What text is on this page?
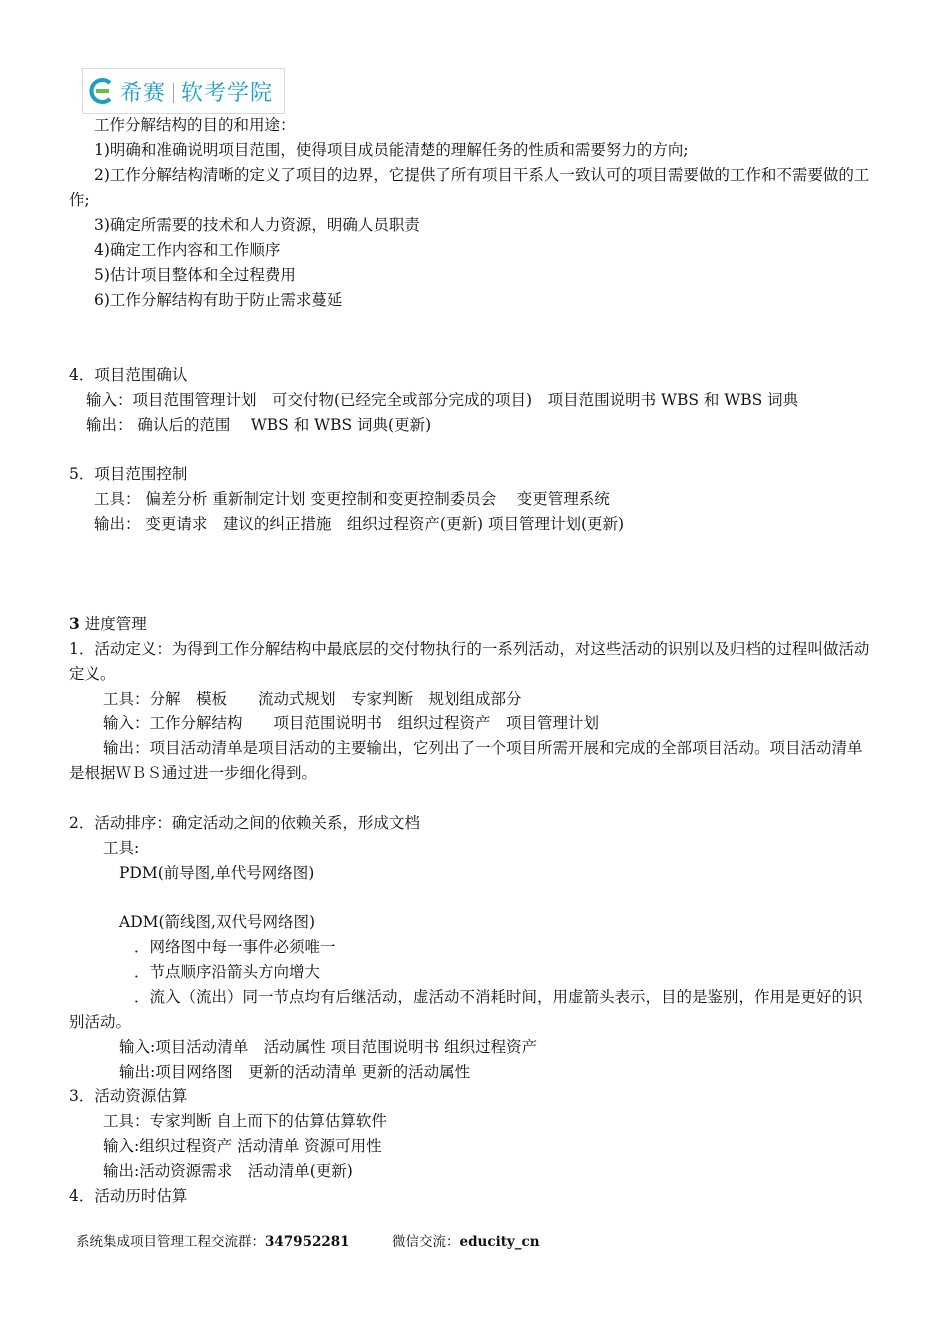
希赛 软考学院
工作分解结构的目的和用途：
1)明确和准确说明项目范围，使得项目成员能清楚的理解任务的性质和需要努力的方向;
2)工作分解结构清晰的定义了项目的边界，它提供了所有项目干系人一致认可的项目需要做的工作和不需要做的工
作;
3)确定所需要的技术和人力资源，明确人员职责
4)确定工作内容和工作顺序
5)估计项目整体和全过程费用
6)工作分解结构有助于防止需求蔓延
4．项目范围确认
输入：项目范围管理计划　可交付物(已经完全或部分完成的项目)　项目范围说明书 WBS 和 WBS 词典
输出： 确认后的范围　 WBS 和 WBS 词典(更新)
5．项目范围控制
工具： 偏差分析 重新制定计划 变更控制和变更控制委员会　 变更管理系统
输出： 变更请求　建议的纠正措施　组织过程资产(更新) 项目管理计划(更新)
3 进度管理
1．活动定义：为得到工作分解结构中最底层的交付物执行的一系列活动，对这些活动的识别以及归档的过程叫做活动
定义。
工具：分解　模板　　流动式规划　专家判断　规划组成部分
输入：工作分解结构　　项目范围说明书　组织过程资产　项目管理计划
输出：项目活动清单是项目活动的主要输出，它列出了一个项目所需开展和完成的全部项目活动。项目活动清单
是根据ＷＢＳ通过进一步细化得到。
2．活动排序：确定活动之间的依赖关系，形成文档
工具:
PDM(前导图,单代号网络图)
ADM(箭线图,双代号网络图)
．网络图中每一事件必须唯一
．节点顺序沿箭头方向增大
．流入（流出）同一节点均有后继活动，虚活动不消耗时间，用虚箭头表示，目的是鉴别，作用是更好的识
别活动。
输入:项目活动清单　活动属性 项目范围说明书 组织过程资产
输出:项目网络图　更新的活动清单 更新的活动属性
3．活动资源估算
工具：专家判断 自上而下的估算估算软件
输入:组织过程资产 活动清单 资源可用性
输出:活动资源需求　活动清单(更新)
4．活动历时估算
系统集成项目管理工程交流群：347952281	微信交流：educity_cn
